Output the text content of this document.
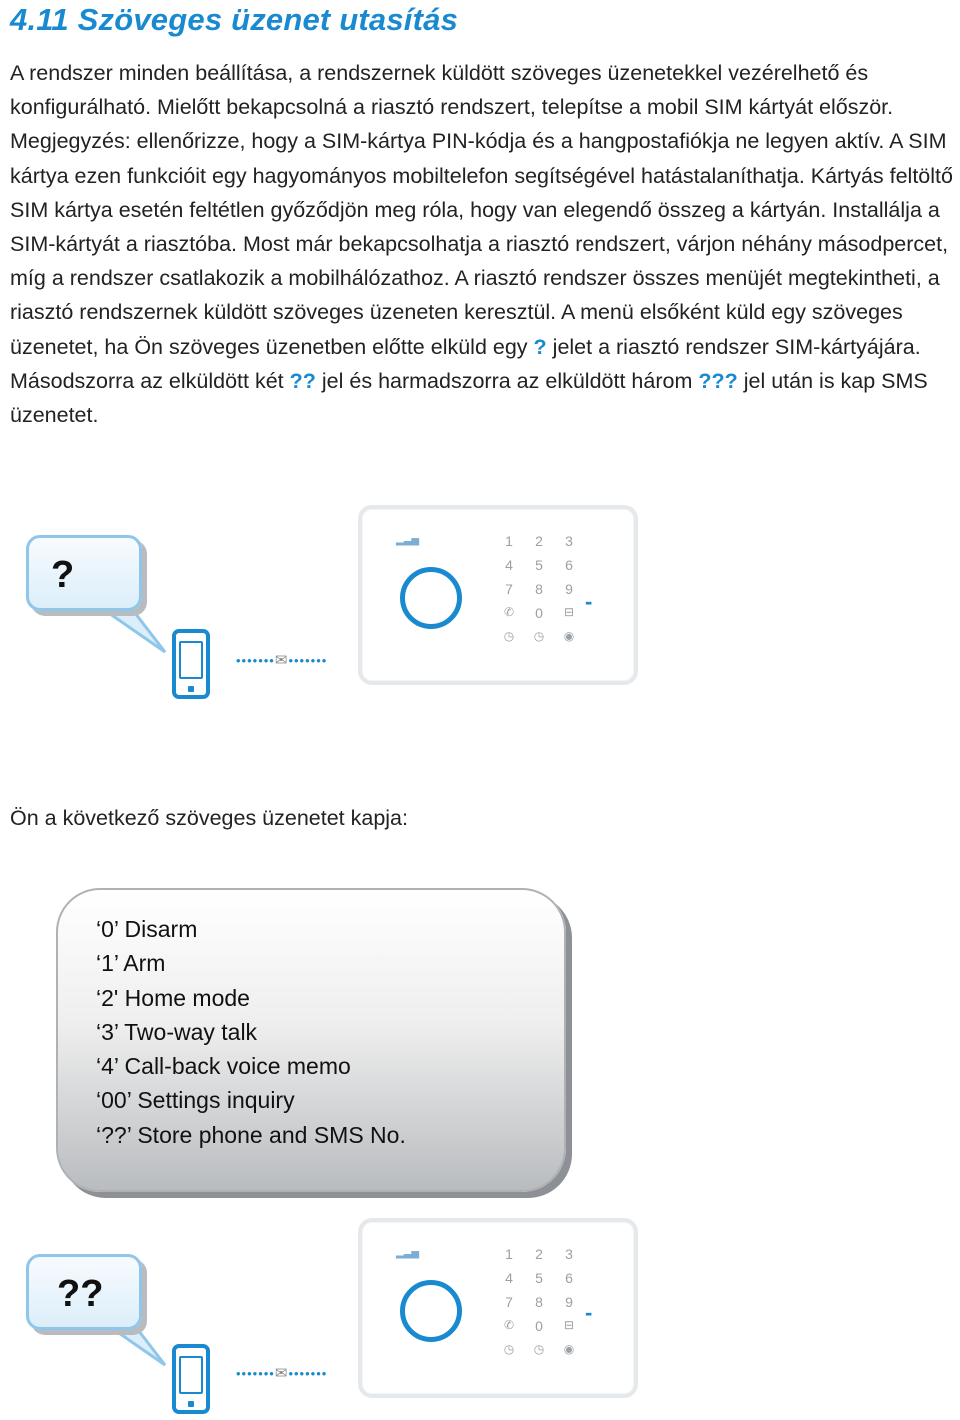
4.11 Szöveges üzenet utasítás

A rendszer minden beállítása, a rendszernek küldött szöveges üzenetekkel vezérelhető és konfigurálható. Mielőtt bekapcsolná a riasztó rendszert, telepítse a mobil SIM kártyát először. Megjegyzés: ellenőrizze, hogy a SIM-kártya PIN-kódja és a hangpostafiókja ne legyen aktív. A SIM kártya ezen funkcióit egy hagyományos mobiltelefon segítségével hatástalaníthatja. Kártyás feltöltő SIM kártya esetén feltétlen győződjön meg róla, hogy van elegendő összeg a kártyán. Installálja a SIM-kártyát a riasztóba. Most már bekapcsolhatja a riasztó rendszert, várjon néhány másodpercet, míg a rendszer csatlakozik a mobilhálózathoz. A riasztó rendszer összes menüjét megtekintheti, a riasztó rendszernek küldött szöveges üzeneten keresztül. A menü elsőként küld egy szöveges üzenetet, ha Ön szöveges üzenetben előtte elküld egy ? jelet a riasztó rendszer SIM-kártyájára. Másodszorra az elküldött két ?? jel és harmadszorra az elküldött három ??? jel után is kap SMS üzenetet.

?
•••••••✉•••••••
▂▃▅	1	2	3
4	5	6
7	8	9
✆	0	⊟
◷	◷	◉
-

Ön a következő szöveges üzenetet kapja:

‘0’ Disarm
‘1’ Arm
‘2' Home mode
‘3’ Two-way talk
‘4’ Call-back voice memo
‘00’ Settings inquiry
‘??’ Store phone and SMS No.
??
•••••••✉•••••••
▂▃▅	1	2	3
4	5	6
7	8	9
✆	0	⊟
◷	◷	◉
-
